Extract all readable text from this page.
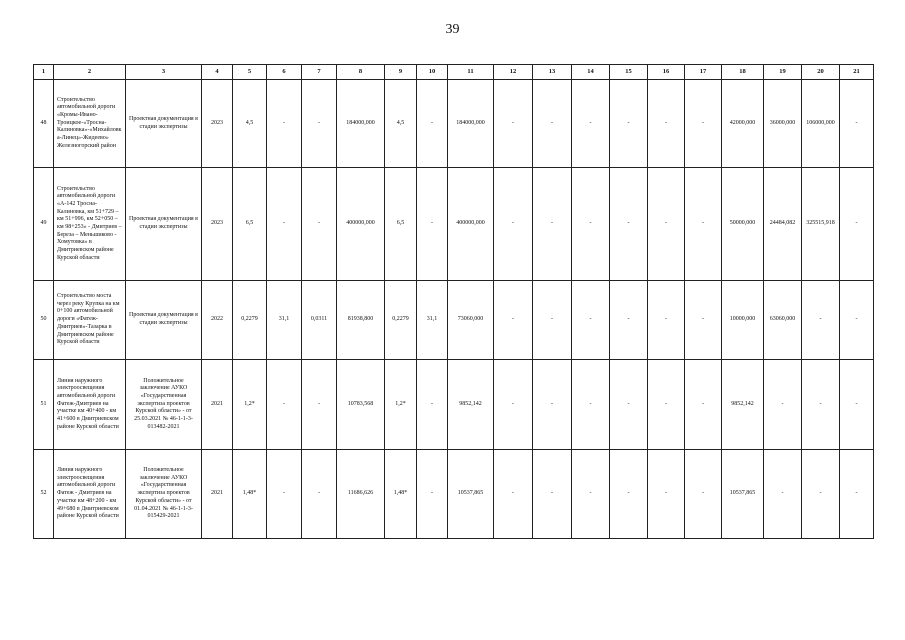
39
1	2	3	4	5	6	7	8	9	10	11	12	13	14	15	16	17	18	19	20	21
48	Строительство автомобильной дороги «Кромы-Ивано-Троицкое-«Тросна-Калиновка»-«Михайловка-Линец»-Жидеево» Железногорский район	Проектная документация в стадии экспертизы	2023	4,5	-	-	184000,000	4,5	-	184000,000	-	-	-	-	-	-	42000,000	36000,000	106000,000	-
49	Строительство автомобильной дороги «А-142 Тросна-Калиновка, км 51+729 – км 51+996, км 52+050 – км 98+253» - Дмитриев – Береза – Меньшиково - Хомутовка» в Дмитриевском районе Курской области	Проектная документация в стадии экспертизы	2023	6,5	-	-	400000,000	6,5	-	400000,000	-	-	-	-	-	-	50000,000	24484,082	325515,918	-
50	Строительство моста через реку Крупка на км 0+100 автомобильной дороги «Фатеж-Дмитриев»-Тазарка в Дмитриевском районе Курской области	Проектная документация в стадии экспертизы	2022	0,2279	31,1	0,0311	81938,800	0,2279	31,1	73060,000	-	-	-	-	-	-	10000,000	63060,000	-	-
51	Линия наружного электроосвещения автомобильной дороги Фатеж-Дмитриев на участке км 40+400 - км 41+600 в Дмитриевском районе Курской области	Положительное заключение АУКО «Государственная экспертиза проектов Курской области» - от 25.03.2021 № 46-1-1-3-013482-2021	2021	1,2*	-	-	10783,568	1,2*	-	9852,142	-	-	-	-	-	-	9852,142	-	-	-
52	Линия наружного электроосвещения автомобильной дороги Фатеж - Дмитриев на участке км 48+200 - км 49+680 в Дмитриевском районе Курской области	Положительное заключение АУКО «Государственная экспертиза проектов Курской области» - от 01.04.2021 № 46-1-1-3-015429-2021	2021	1,48*	-	-	11686,626	1,48*	-	10537,865	-	-	-	-	-	-	10537,865	-	-	-
